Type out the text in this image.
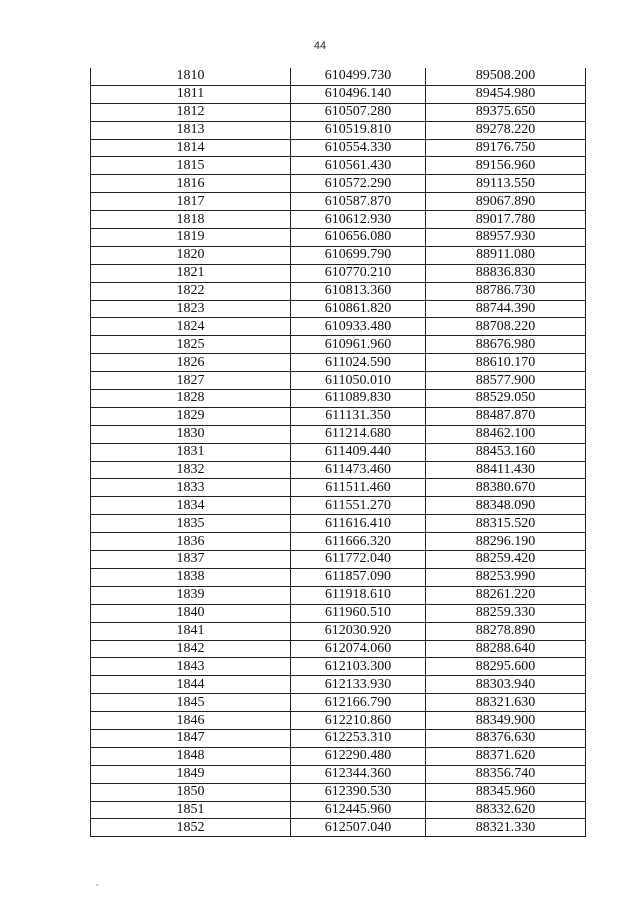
44
1810	610499.730	89508.200
1811	610496.140	89454.980
1812	610507.280	89375.650
1813	610519.810	89278.220
1814	610554.330	89176.750
1815	610561.430	89156.960
1816	610572.290	89113.550
1817	610587.870	89067.890
1818	610612.930	89017.780
1819	610656.080	88957.930
1820	610699.790	88911.080
1821	610770.210	88836.830
1822	610813.360	88786.730
1823	610861.820	88744.390
1824	610933.480	88708.220
1825	610961.960	88676.980
1826	611024.590	88610.170
1827	611050.010	88577.900
1828	611089.830	88529.050
1829	611131.350	88487.870
1830	611214.680	88462.100
1831	611409.440	88453.160
1832	611473.460	88411.430
1833	611511.460	88380.670
1834	611551.270	88348.090
1835	611616.410	88315.520
1836	611666.320	88296.190
1837	611772.040	88259.420
1838	611857.090	88253.990
1839	611918.610	88261.220
1840	611960.510	88259.330
1841	612030.920	88278.890
1842	612074.060	88288.640
1843	612103.300	88295.600
1844	612133.930	88303.940
1845	612166.790	88321.630
1846	612210.860	88349.900
1847	612253.310	88376.630
1848	612290.480	88371.620
1849	612344.360	88356.740
1850	612390.530	88345.960
1851	612445.960	88332.620
1852	612507.040	88321.330
